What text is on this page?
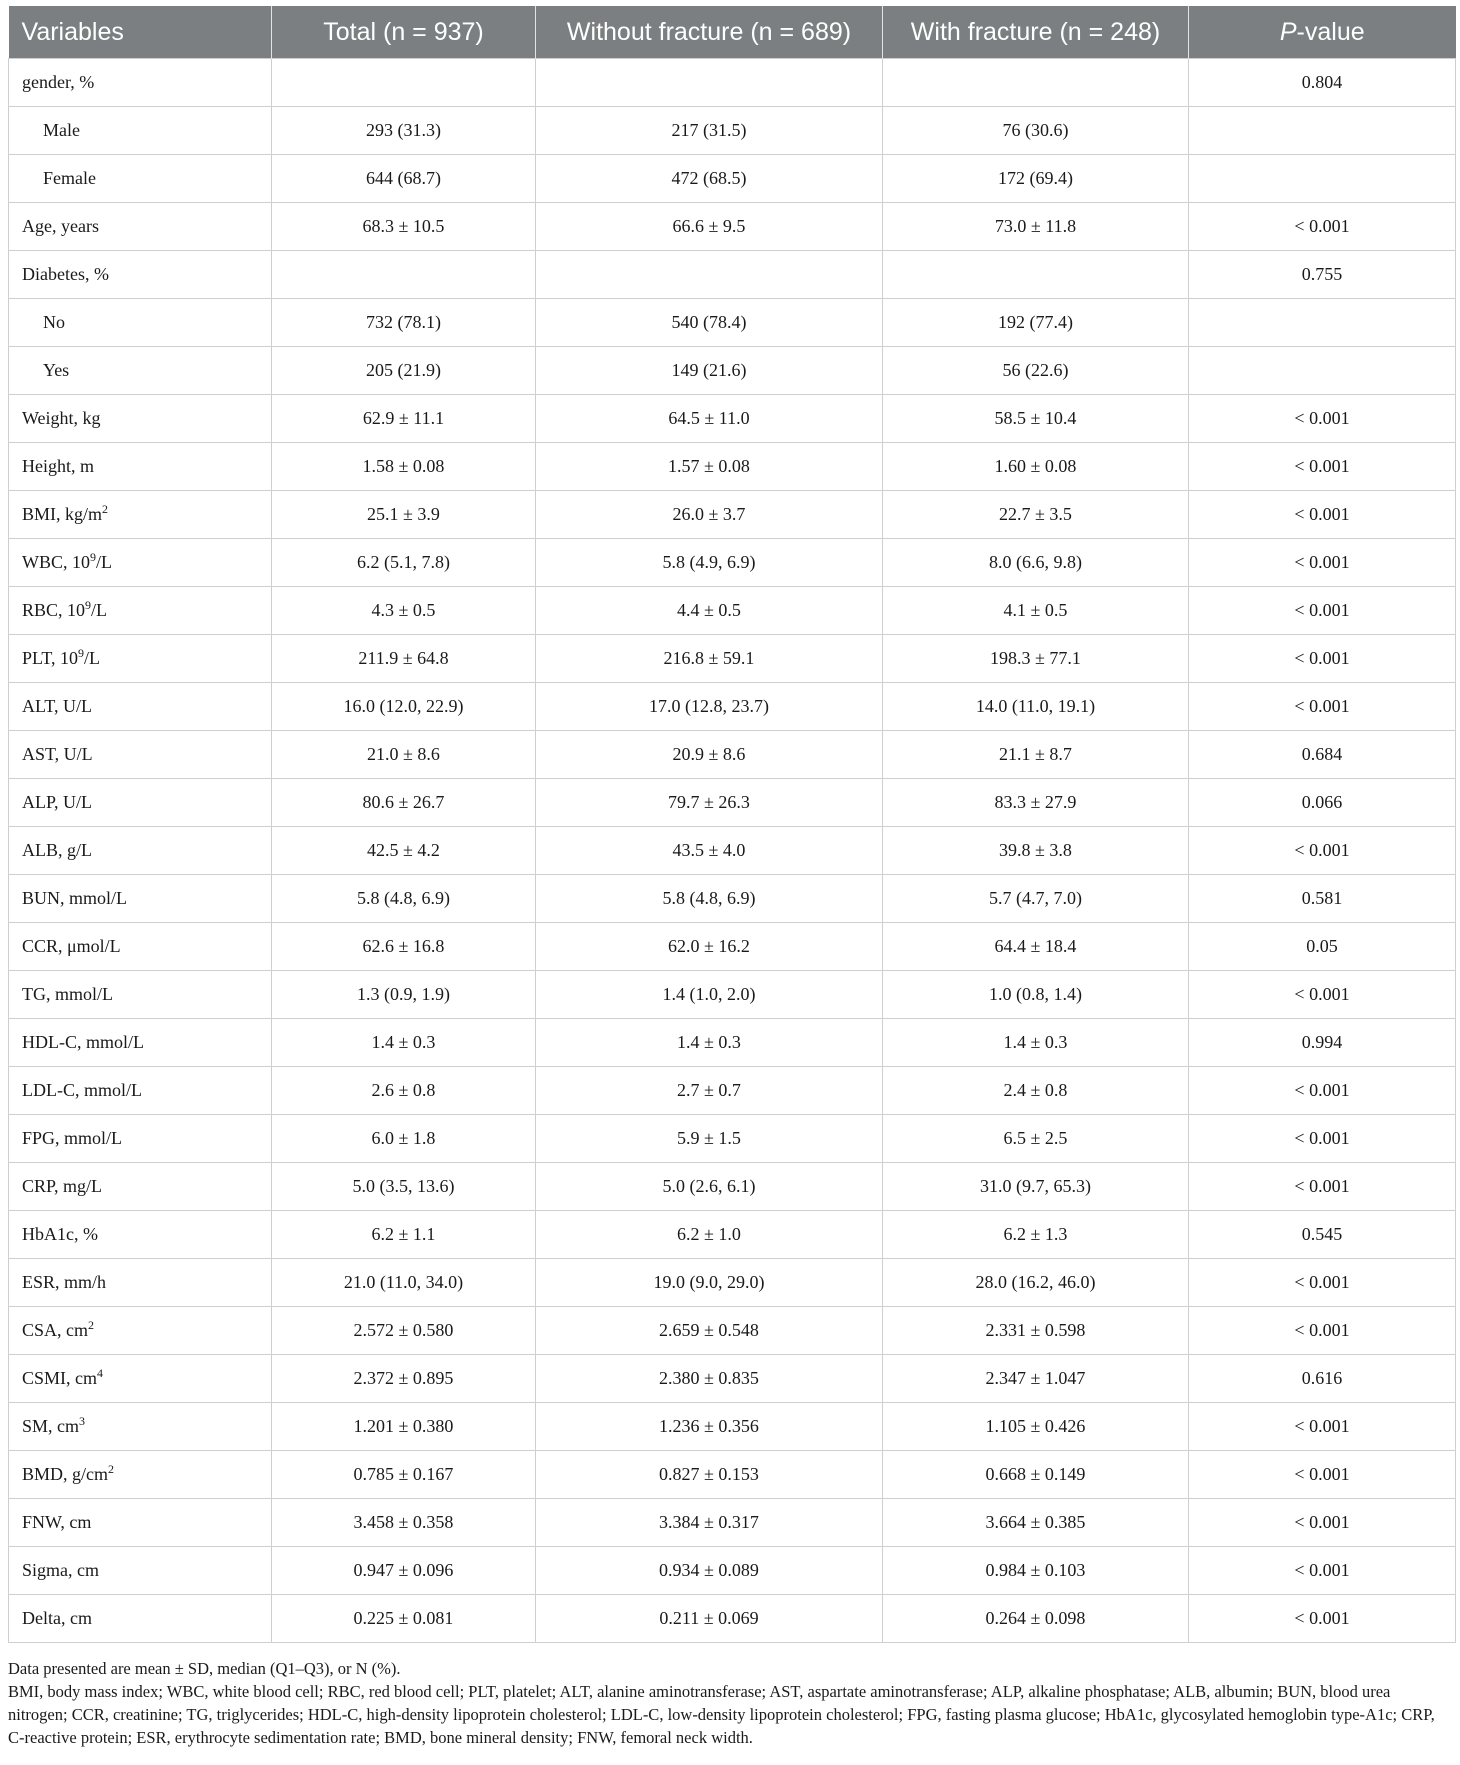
Variables	Total (n = 937)	Without fracture (n = 689)	With fracture (n = 248)	P-value
gender, %				0.804
Male	293 (31.3)	217 (31.5)	76 (30.6)	
Female	644 (68.7)	472 (68.5)	172 (69.4)	
Age, years	68.3 ± 10.5	66.6 ± 9.5	73.0 ± 11.8	< 0.001
Diabetes, %				0.755
No	732 (78.1)	540 (78.4)	192 (77.4)	
Yes	205 (21.9)	149 (21.6)	56 (22.6)	
Weight, kg	62.9 ± 11.1	64.5 ± 11.0	58.5 ± 10.4	< 0.001
Height, m	1.58 ± 0.08	1.57 ± 0.08	1.60 ± 0.08	< 0.001
BMI, $kg/m^2$	25.1 ± 3.9	26.0 ± 3.7	22.7 ± 3.5	< 0.001
WBC, $10^9/L$	6.2 (5.1, 7.8)	5.8 (4.9, 6.9)	8.0 (6.6, 9.8)	< 0.001
RBC, $10^9/L$	4.3 ± 0.5	4.4 ± 0.5	4.1 ± 0.5	< 0.001
PLT, $10^9/L$	211.9 ± 64.8	216.8 ± 59.1	198.3 ± 77.1	< 0.001
ALT, U/L	16.0 (12.0, 22.9)	17.0 (12.8, 23.7)	14.0 (11.0, 19.1)	< 0.001
AST, U/L	21.0 ± 8.6	20.9 ± 8.6	21.1 ± 8.7	0.684
ALP, U/L	80.6 ± 26.7	79.7 ± 26.3	83.3 ± 27.9	0.066
ALB, g/L	42.5 ± 4.2	43.5 ± 4.0	39.8 ± 3.8	< 0.001
BUN, mmol/L	5.8 (4.8, 6.9)	5.8 (4.8, 6.9)	5.7 (4.7, 7.0)	0.581
CCR, μmol/L	62.6 ± 16.8	62.0 ± 16.2	64.4 ± 18.4	0.05
TG, mmol/L	1.3 (0.9, 1.9)	1.4 (1.0, 2.0)	1.0 (0.8, 1.4)	< 0.001
HDL-C, mmol/L	1.4 ± 0.3	1.4 ± 0.3	1.4 ± 0.3	0.994
LDL-C, mmol/L	2.6 ± 0.8	2.7 ± 0.7	2.4 ± 0.8	< 0.001
FPG, mmol/L	6.0 ± 1.8	5.9 ± 1.5	6.5 ± 2.5	< 0.001
CRP, mg/L	5.0 (3.5, 13.6)	5.0 (2.6, 6.1)	31.0 (9.7, 65.3)	< 0.001
HbA1c, %	6.2 ± 1.1	6.2 ± 1.0	6.2 ± 1.3	0.545
ESR, mm/h	21.0 (11.0, 34.0)	19.0 (9.0, 29.0)	28.0 (16.2, 46.0)	< 0.001
CSA, $cm^2$	2.572 ± 0.580	2.659 ± 0.548	2.331 ± 0.598	< 0.001
CSMI, $cm^4$	2.372 ± 0.895	2.380 ± 0.835	2.347 ± 1.047	0.616
SM, $cm^3$	1.201 ± 0.380	1.236 ± 0.356	1.105 ± 0.426	< 0.001
BMD, $g/cm^2$	0.785 ± 0.167	0.827 ± 0.153	0.668 ± 0.149	< 0.001
FNW, cm	3.458 ± 0.358	3.384 ± 0.317	3.664 ± 0.385	< 0.001
Sigma, cm	0.947 ± 0.096	0.934 ± 0.089	0.984 ± 0.103	< 0.001
Delta, cm	0.225 ± 0.081	0.211 ± 0.069	0.264 ± 0.098	< 0.001

Data presented are mean ± SD, median (Q1–Q3), or N (%).

BMI, body mass index; WBC, white blood cell; RBC, red blood cell; PLT, platelet; ALT, alanine aminotransferase; AST, aspartate aminotransferase; ALP, alkaline phosphatase; ALB, albumin; BUN, blood urea nitrogen; CCR, creatinine; TG, triglycerides; HDL-C, high-density lipoprotein cholesterol; LDL-C, low-density lipoprotein cholesterol; FPG, fasting plasma glucose; HbA1c, glycosylated hemoglobin type-A1c; CRP, C-reactive protein; ESR, erythrocyte sedimentation rate; BMD, bone mineral density; FNW, femoral neck width.
